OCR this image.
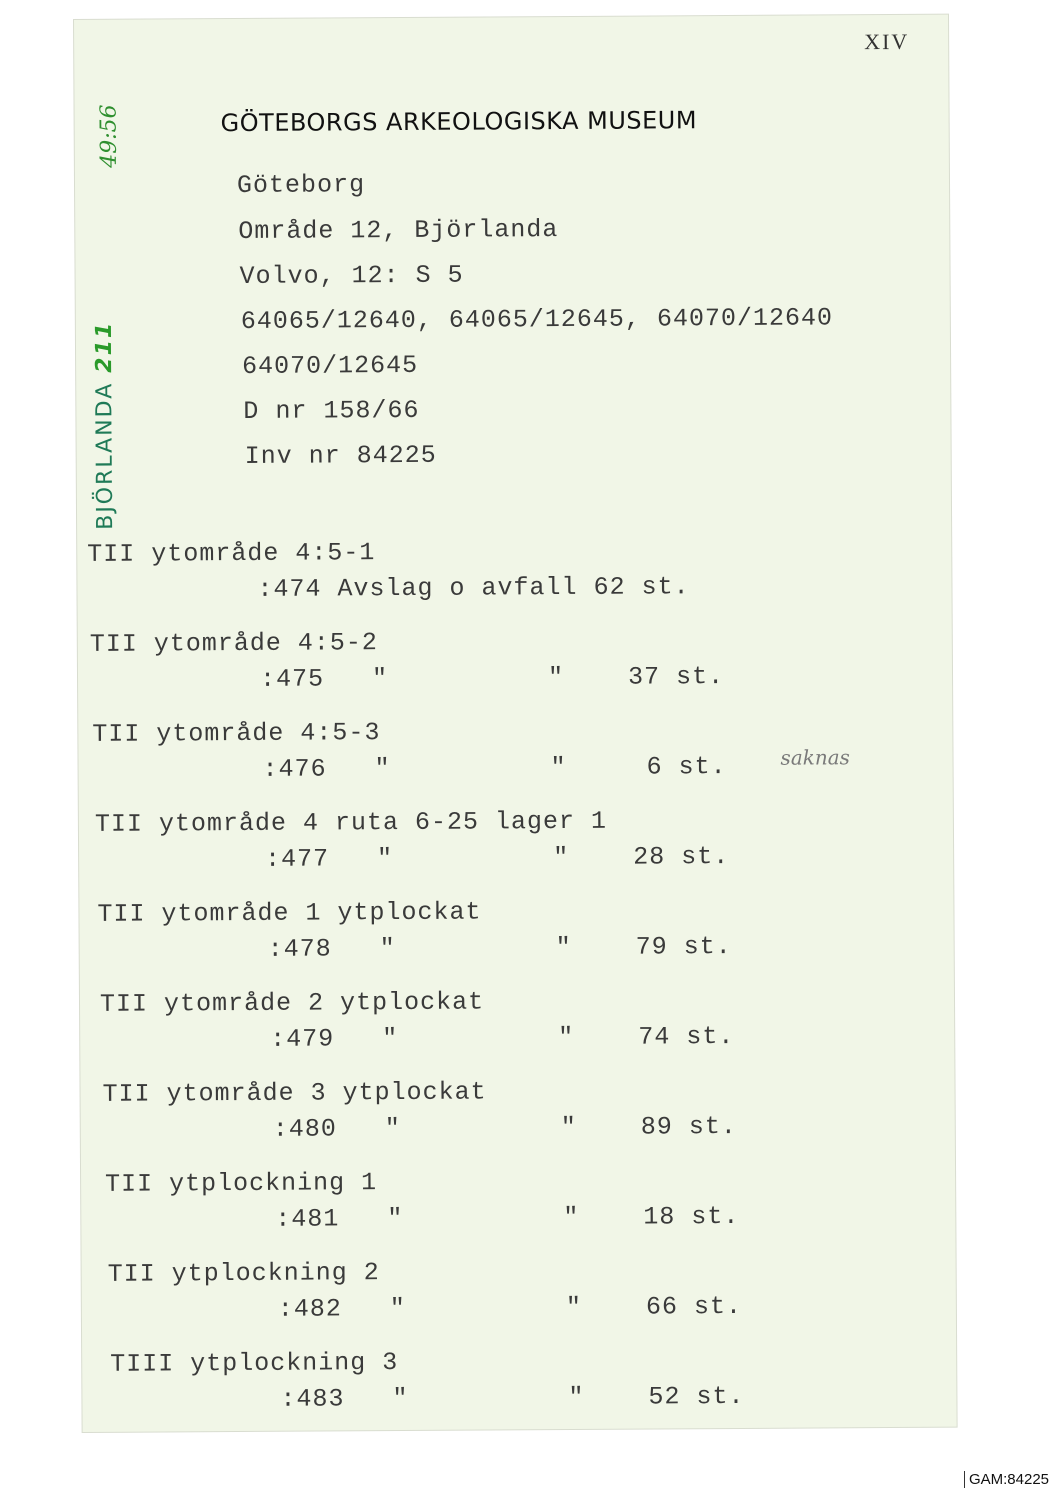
XIV
49:56
BJÖRLANDA 211
GÖTEBORGS ARKEOLOGISKA MUSEUM
Göteborg
Område 12, Björlanda
Volvo, 12: S 5
64065/12640, 64065/12645, 64070/12640
64070/12645
D nr 158/66
Inv nr 84225
TII ytområde 4:5-1
:474 Avslag o avfall 62 st.
TII ytområde 4:5-2
:475   "          "    37 st.
TII ytområde 4:5-3
:476   "          "     6 st.	saknas
TII ytområde 4 ruta 6-25 lager 1
:477   "          "    28 st.
TII ytområde 1 ytplockat
:478   "          "    79 st.
TII ytområde 2 ytplockat
:479   "          "    74 st.
TII ytområde 3 ytplockat
:480   "          "    89 st.
TII ytplockning 1
:481   "          "    18 st.
TII ytplockning 2
:482   "          "    66 st.
TIII ytplockning 3
:483   "          "    52 st.
GAM:84225
